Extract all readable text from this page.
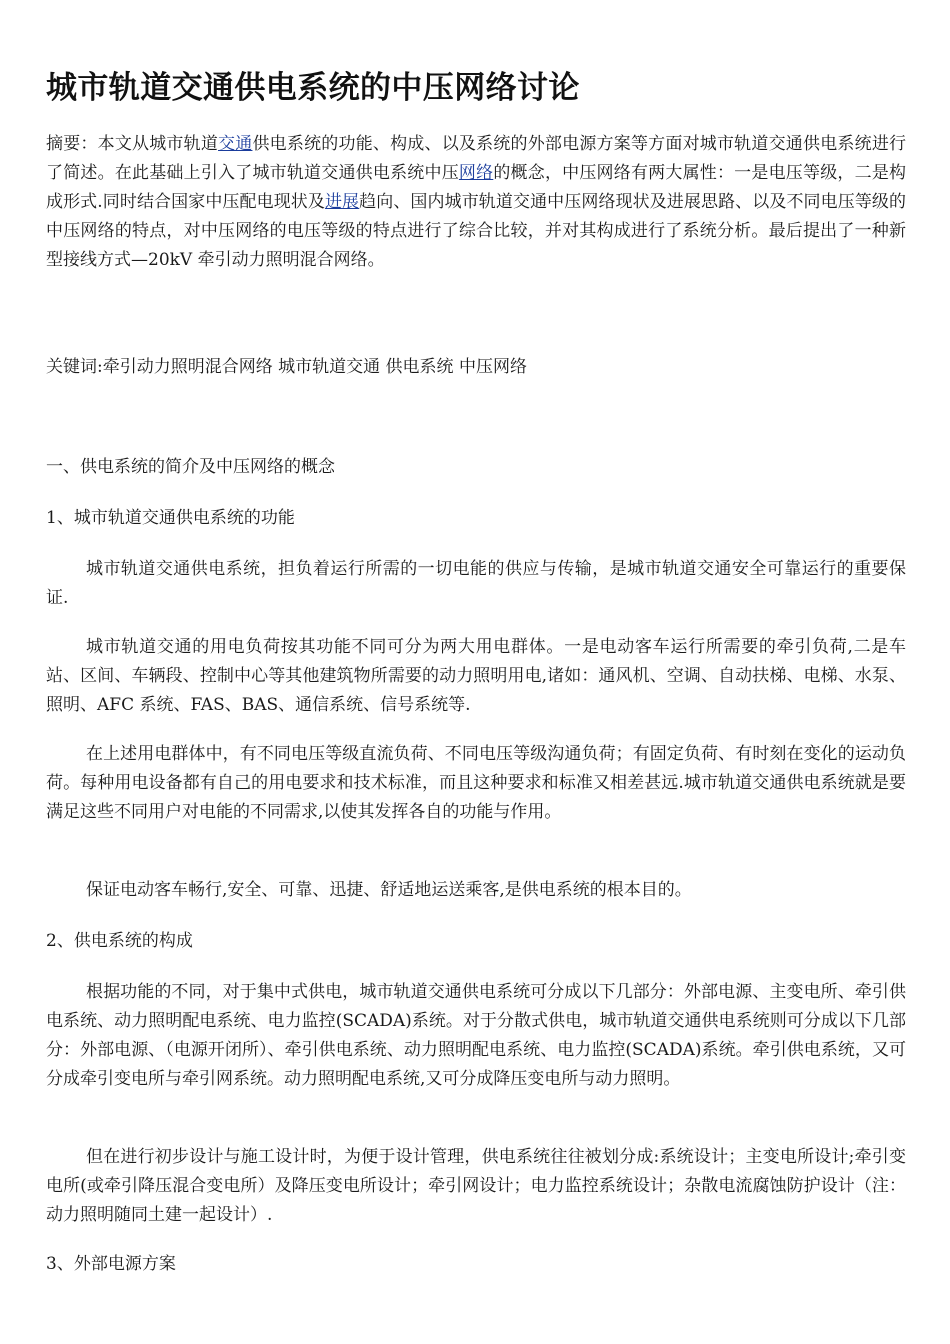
城市轨道交通供电系统的中压网络讨论

摘要：本文从城市轨道交通供电系统的功能、构成、以及系统的外部电源方案等方面对城市轨道交通供电系统进行了简述。在此基础上引入了城市轨道交通供电系统中压网络的概念，中压网络有两大属性：一是电压等级，二是构成形式.同时结合国家中压配电现状及进展趋向、国内城市轨道交通中压网络现状及进展思路、以及不同电压等级的中压网络的特点，对中压网络的电压等级的特点进行了综合比较，并对其构成进行了系统分析。最后提出了一种新型接线方式—20kV 牵引动力照明混合网络。

关键词:牵引动力照明混合网络 城市轨道交通 供电系统 中压网络

一、供电系统的简介及中压网络的概念

1、城市轨道交通供电系统的功能

城市轨道交通供电系统，担负着运行所需的一切电能的供应与传输，是城市轨道交通安全可靠运行的重要保证.

城市轨道交通的用电负荷按其功能不同可分为两大用电群体。一是电动客车运行所需要的牵引负荷,二是车站、区间、车辆段、控制中心等其他建筑物所需要的动力照明用电,诸如：通风机、空调、自动扶梯、电梯、水泵、照明、AFC 系统、FAS、BAS、通信系统、信号系统等.

在上述用电群体中，有不同电压等级直流负荷、不同电压等级沟通负荷；有固定负荷、有时刻在变化的运动负荷。每种用电设备都有自己的用电要求和技术标准，而且这种要求和标准又相差甚远.城市轨道交通供电系统就是要满足这些不同用户对电能的不同需求,以使其发挥各自的功能与作用。

保证电动客车畅行,安全、可靠、迅捷、舒适地运送乘客,是供电系统的根本目的。

2、供电系统的构成

根据功能的不同，对于集中式供电，城市轨道交通供电系统可分成以下几部分：外部电源、主变电所、牵引供电系统、动力照明配电系统、电力监控(SCADA)系统。对于分散式供电，城市轨道交通供电系统则可分成以下几部分：外部电源、（电源开闭所）、牵引供电系统、动力照明配电系统、电力监控(SCADA)系统。牵引供电系统，又可分成牵引变电所与牵引网系统。动力照明配电系统,又可分成降压变电所与动力照明。

但在进行初步设计与施工设计时，为便于设计管理，供电系统往往被划分成:系统设计；主变电所设计;牵引变电所(或牵引降压混合变电所）及降压变电所设计；牵引网设计；电力监控系统设计；杂散电流腐蚀防护设计（注：动力照明随同土建一起设计）.

3、外部电源方案
